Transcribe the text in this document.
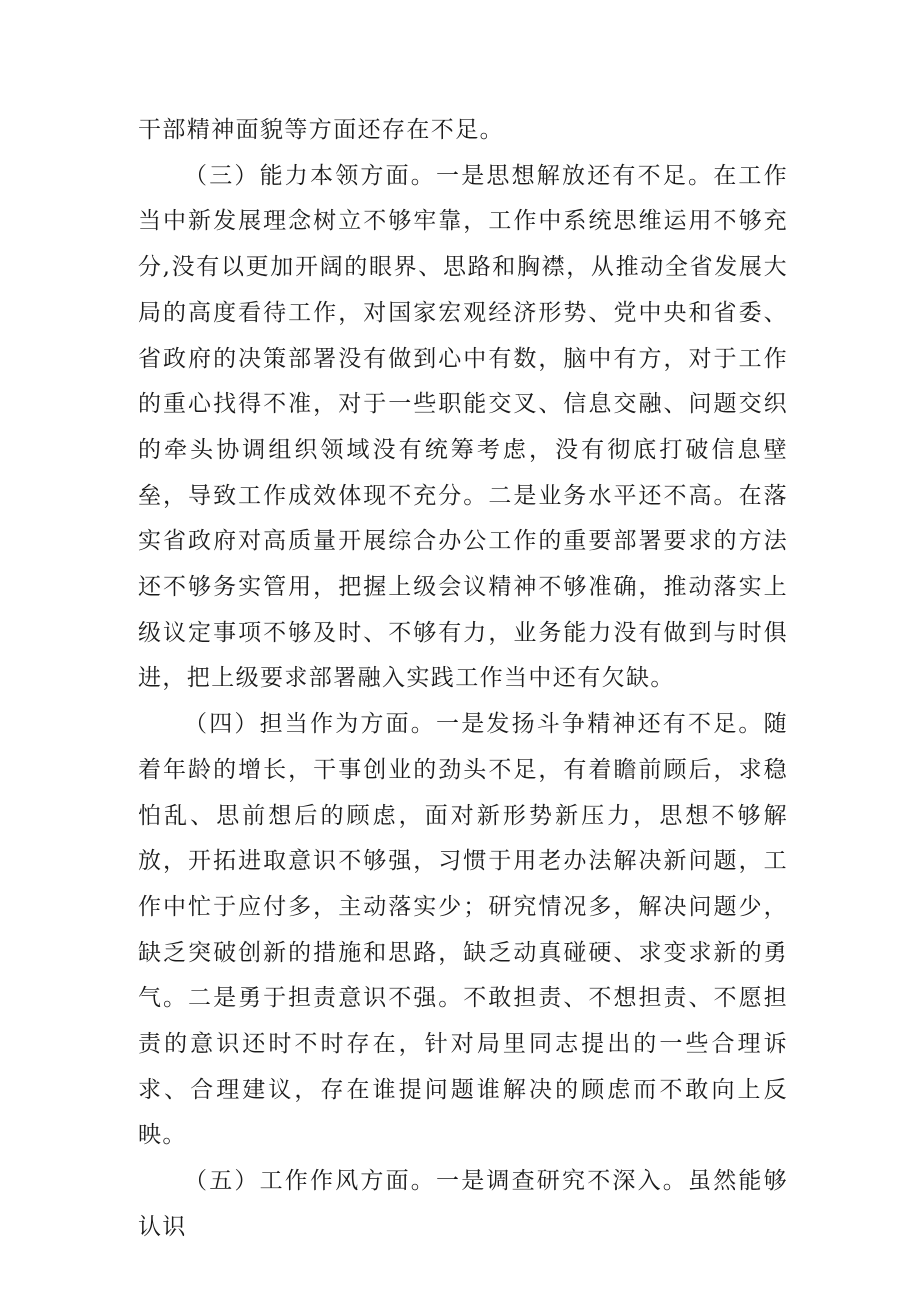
干部精神面貌等方面还存在不足。

（三）能力本领方面。一是思想解放还有不足。在工作当中新发展理念树立不够牢靠，工作中系统思维运用不够充分,没有以更加开阔的眼界、思路和胸襟，从推动全省发展大局的高度看待工作，对国家宏观经济形势、党中央和省委、省政府的决策部署没有做到心中有数，脑中有方，对于工作的重心找得不准，对于一些职能交叉、信息交融、问题交织的牵头协调组织领域没有统筹考虑，没有彻底打破信息壁垒，导致工作成效体现不充分。二是业务水平还不高。在落实省政府对高质量开展综合办公工作的重要部署要求的方法还不够务实管用，把握上级会议精神不够准确，推动落实上级议定事项不够及时、不够有力，业务能力没有做到与时俱进，把上级要求部署融入实践工作当中还有欠缺。

（四）担当作为方面。一是发扬斗争精神还有不足。随着年龄的增长，干事创业的劲头不足，有着瞻前顾后，求稳怕乱、思前想后的顾虑，面对新形势新压力，思想不够解放，开拓进取意识不够强，习惯于用老办法解决新问题，工作中忙于应付多，主动落实少；研究情况多，解决问题少，缺乏突破创新的措施和思路，缺乏动真碰硬、求变求新的勇气。二是勇于担责意识不强。不敢担责、不想担责、不愿担责的意识还时不时存在，针对局里同志提出的一些合理诉求、合理建议，存在谁提问题谁解决的顾虑而不敢向上反映。

（五）工作作风方面。一是调查研究不深入。虽然能够认识
